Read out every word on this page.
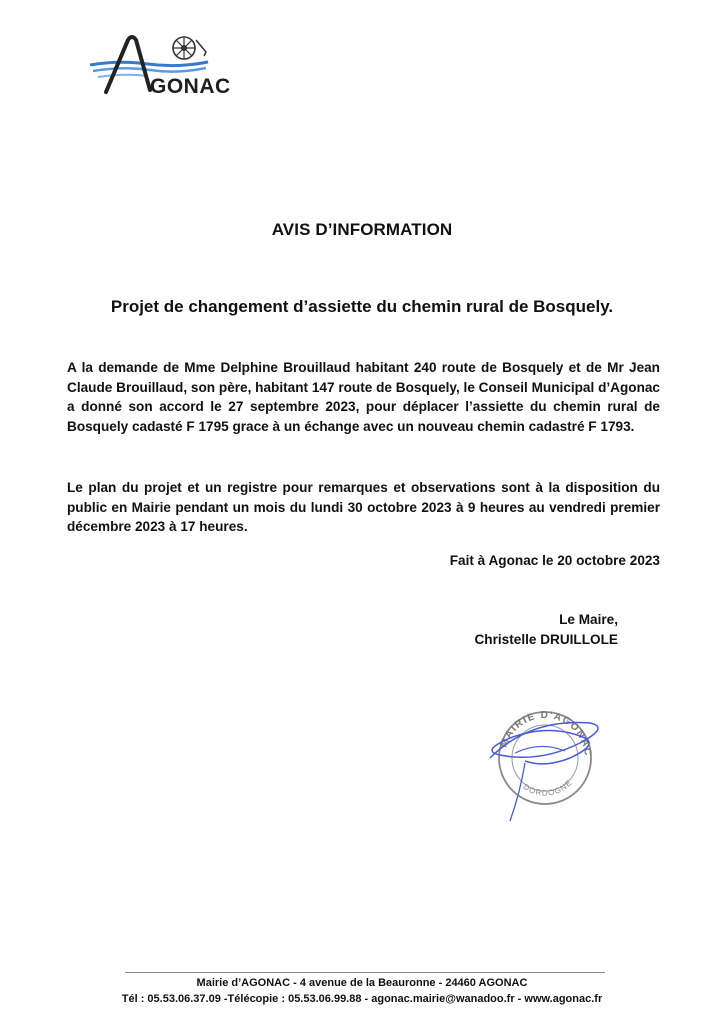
GONAC
AVIS D’INFORMATION
Projet de changement d’assiette du chemin rural de Bosquely.

A la demande de Mme Delphine Brouillaud habitant 240 route de Bosquely et de Mr Jean Claude Brouillaud, son père, habitant 147 route de Bosquely, le Conseil Municipal d’Agonac a donné son accord le 27 septembre 2023, pour déplacer l’assiette du chemin rural de Bosquely cadasté F 1795 grace à un échange avec un nouveau chemin cadastré F 1793.

Le plan du projet et un registre pour remarques et observations sont à la disposition du public en Mairie pendant un mois du lundi 30 octobre 2023 à 9 heures au vendredi premier décembre 2023 à 17 heures.

Fait à Agonac le 20 octobre 2023
Le Maire,
Christelle DRUILLOLE
MAIRIE D'AGONAC
DORDOGNE
Mairie d’AGONAC - 4 avenue de la Beauronne - 24460 AGONAC
Tél : 05.53.06.37.09 -Télécopie : 05.53.06.99.88 - agonac.mairie@wanadoo.fr - www.agonac.fr
